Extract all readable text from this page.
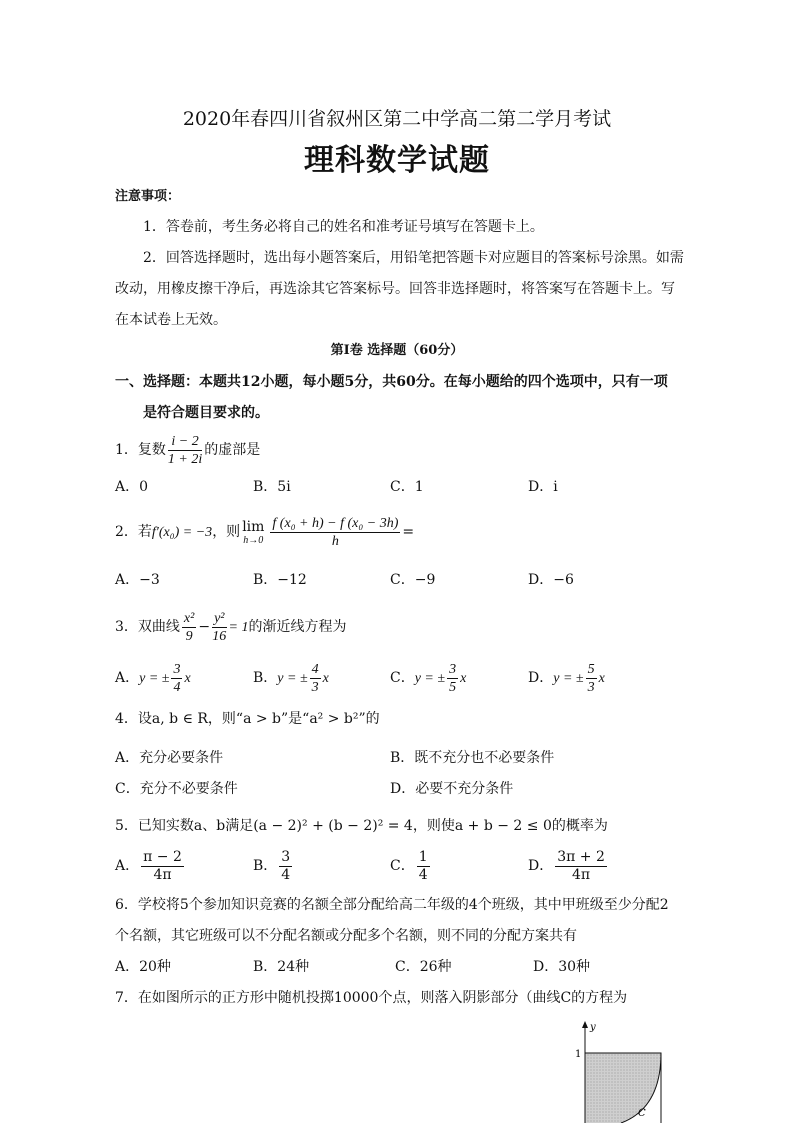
2020年春四川省叙州区第二中学高二第二学月考试
理科数学试题
注意事项：
1．答卷前，考生务必将自己的姓名和准考证号填写在答题卡上。
2．回答选择题时，选出每小题答案后，用铅笔把答题卡对应题目的答案标号涂黑。如需
改动，用橡皮擦干净后，再选涂其它答案标号。回答非选择题时，将答案写在答题卡上。写
在本试卷上无效。
第Ⅰ卷 选择题（60分）
一、选择题：本题共12小题，每小题5分，共60分。在每小题给的四个选项中，只有一项
是符合题目要求的。
1．复数 $\frac{i - 2}{1 + 2i}$ 的虚部是
A．0	B．5i	C．1	D．i
2．若f′(x₀) = −3，则 lim
$h\to 0 \frac{\text{f (x₀ + h) − f (x₀ − 3h)}}{h}$ =
A．−3	B．−12	C．−9	D．−6
3．双曲线 $\frac{\text{x²}}{9} - \frac{\text{y²}}{16} = 1$的渐近线方程为
A．y = ± $\frac{3}{4}$ x	B．y = ± $\frac{4}{3}$ x	C．y = ± $\frac{3}{5}$ x	D．y = ± $\frac{5}{3}$ x
4．设a, b ∈ R，则“a > b”是“a² > b²”的
A．充分必要条件	B．既不充分也不必要条件
C．充分不必要条件	D．必要不充分条件
5．已知实数a、b满足(a − 2)² + (b − 2)² = 4，则使a + b − 2 ≤ 0的概率为
A． $\frac{\pi - 2}{4\pi}$	B． $\frac{3}{4}$	C． $\frac{1}{4}$	D． $\frac{3\pi + 2}{4\pi}$
6．学校将5个参加知识竞赛的名额全部分配给高二年级的4个班级，其中甲班级至少分配2
个名额，其它班级可以不分配名额或分配多个名额，则不同的分配方案共有
A．20种	B．24种	C．26种	D．30种
7．在如图所示的正方形中随机投掷10000个点，则落入阴影部分（曲线C的方程为
y
1
C
